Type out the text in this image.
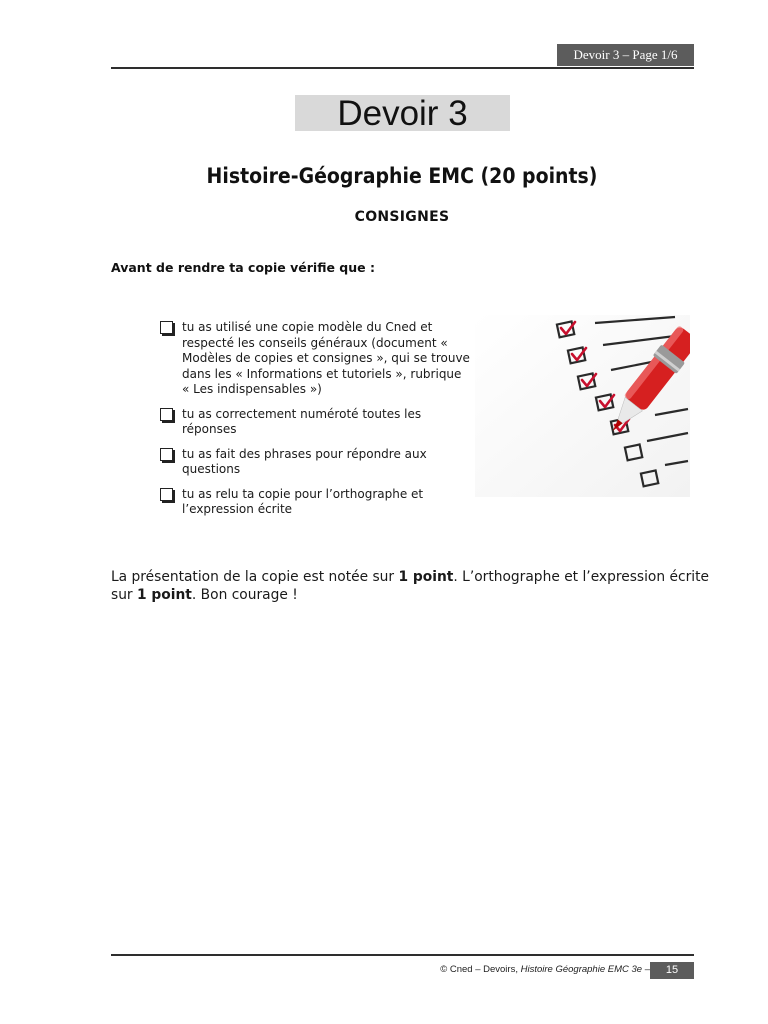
Devoir 3 – Page 1/6
Devoir 3
Histoire-Géographie EMC (20 points)
CONSIGNES
Avant de rendre ta copie vérifie que :
tu as utilisé une copie modèle du Cned et respecté les conseils généraux (document « Modèles de copies et consignes », qui se trouve dans les « Informations et tutoriels », rubrique « Les indispensables »)
tu as correctement numéroté toutes les réponses
tu as fait des phrases pour répondre aux questions
tu as relu ta copie pour l’orthographe et l’expression écrite
La présentation de la copie est notée sur 1 point. L’orthographe et l’expression écrite sur 1 point. Bon courage !
© Cned – Devoirs, Histoire Géographie EMC 3e –	15
